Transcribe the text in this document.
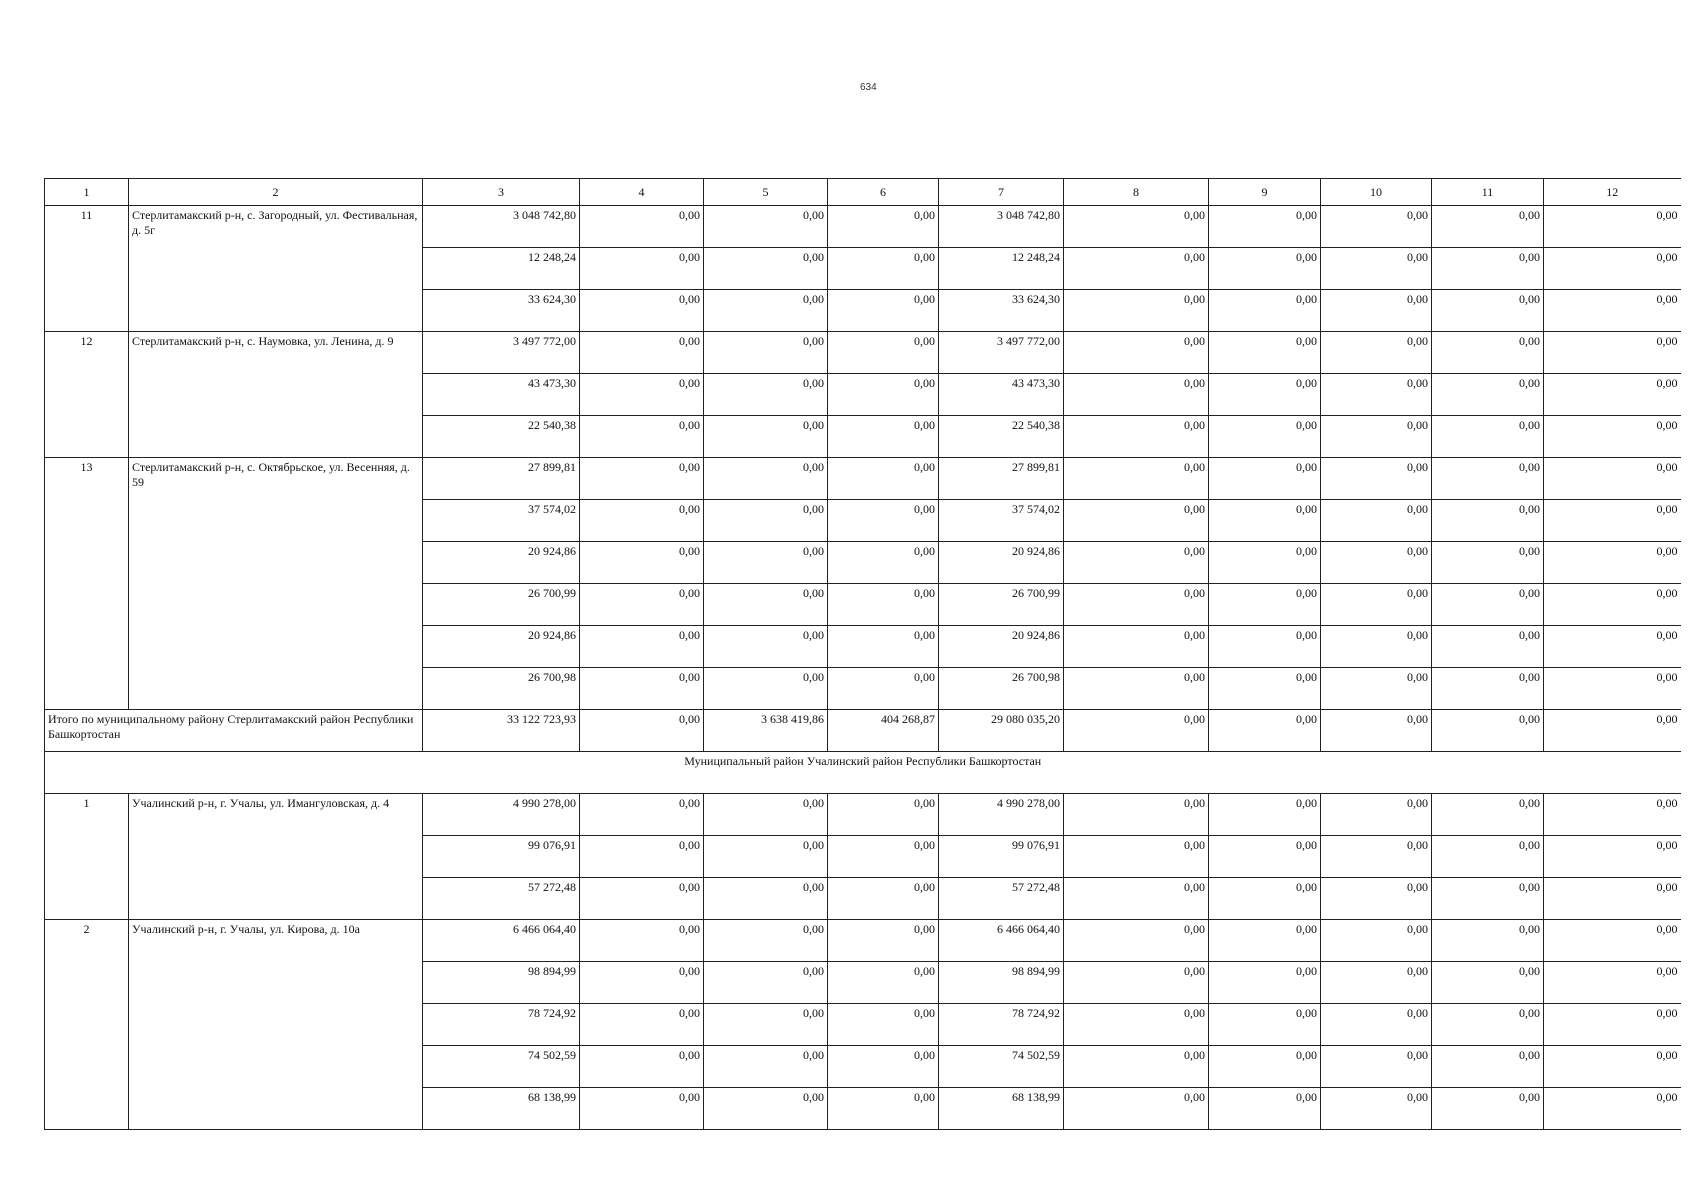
634
1	2	3	4	5	6	7	8	9	10	11	12
11	Стерлитамакский р-н, с. Загородный, ул. Фестивальная, д. 5г	3 048 742,80	0,00	0,00	0,00	3 048 742,80	0,00	0,00	0,00	0,00	0,00
		12 248,24	0,00	0,00	0,00	12 248,24	0,00	0,00	0,00	0,00	0,00
		33 624,30	0,00	0,00	0,00	33 624,30	0,00	0,00	0,00	0,00	0,00
12	Стерлитамакский р-н, с. Наумовка, ул. Ленина, д. 9	3 497 772,00	0,00	0,00	0,00	3 497 772,00	0,00	0,00	0,00	0,00	0,00
		43 473,30	0,00	0,00	0,00	43 473,30	0,00	0,00	0,00	0,00	0,00
		22 540,38	0,00	0,00	0,00	22 540,38	0,00	0,00	0,00	0,00	0,00
13	Стерлитамакский р-н, с. Октябрьское, ул. Весенняя, д. 59	27 899,81	0,00	0,00	0,00	27 899,81	0,00	0,00	0,00	0,00	0,00
		37 574,02	0,00	0,00	0,00	37 574,02	0,00	0,00	0,00	0,00	0,00
		20 924,86	0,00	0,00	0,00	20 924,86	0,00	0,00	0,00	0,00	0,00
		26 700,99	0,00	0,00	0,00	26 700,99	0,00	0,00	0,00	0,00	0,00
		20 924,86	0,00	0,00	0,00	20 924,86	0,00	0,00	0,00	0,00	0,00
		26 700,98	0,00	0,00	0,00	26 700,98	0,00	0,00	0,00	0,00	0,00
Итого по муниципальному району Стерлитамакский район Республики Башкортостан		33 122 723,93	0,00	3 638 419,86	404 268,87	29 080 035,20	0,00	0,00	0,00	0,00	0,00
Муниципальный район Учалинский район Республики Башкортостан											
1	Учалинский р-н, г. Учалы, ул. Имангуловская, д. 4	4 990 278,00	0,00	0,00	0,00	4 990 278,00	0,00	0,00	0,00	0,00	0,00
		99 076,91	0,00	0,00	0,00	99 076,91	0,00	0,00	0,00	0,00	0,00
		57 272,48	0,00	0,00	0,00	57 272,48	0,00	0,00	0,00	0,00	0,00
2	Учалинский р-н, г. Учалы, ул. Кирова, д. 10а	6 466 064,40	0,00	0,00	0,00	6 466 064,40	0,00	0,00	0,00	0,00	0,00
		98 894,99	0,00	0,00	0,00	98 894,99	0,00	0,00	0,00	0,00	0,00
		78 724,92	0,00	0,00	0,00	78 724,92	0,00	0,00	0,00	0,00	0,00
		74 502,59	0,00	0,00	0,00	74 502,59	0,00	0,00	0,00	0,00	0,00
		68 138,99	0,00	0,00	0,00	68 138,99	0,00	0,00	0,00	0,00	0,00
